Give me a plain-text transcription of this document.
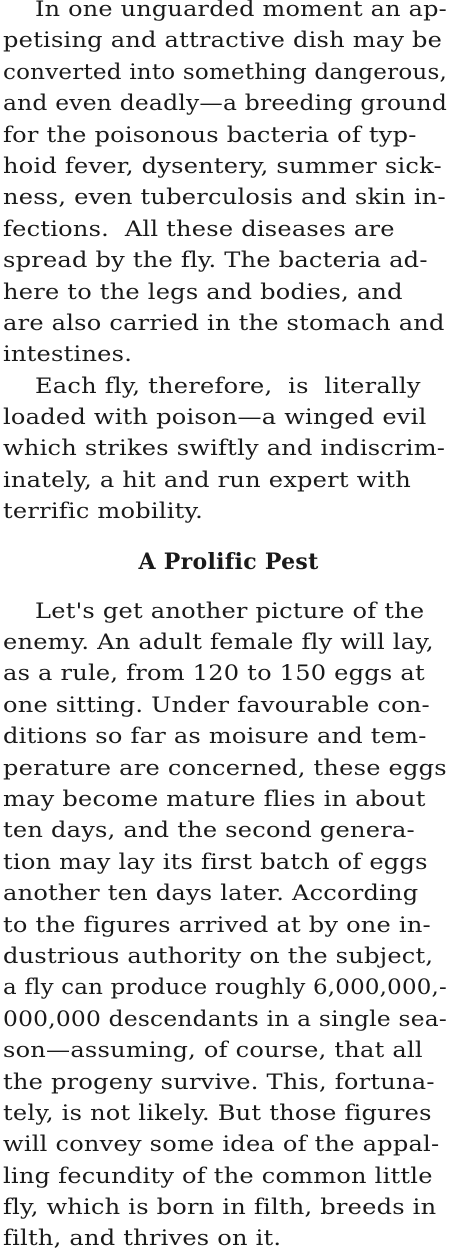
In one unguarded moment an ap-
petising and attractive dish may be
converted into something dangerous,
and even deadly—a breeding ground
for the poisonous bacteria of typ-
hoid fever, dysentery, summer sick-
ness, even tuberculosis and skin in-
fections.  All these diseases are
spread by the fly. The bacteria ad-
here to the legs and bodies, and
are also carried in the stomach and
intestines.
Each fly, therefore,  is  literally
loaded with poison—a winged evil
which strikes swiftly and indiscrim-
inately, a hit and run expert with
terrific mobility.
A Prolific Pest
Let's get another picture of the
enemy. An adult female fly will lay,
as a rule, from 120 to 150 eggs at
one sitting. Under favourable con-
ditions so far as moisure and tem-
perature are concerned, these eggs
may become mature flies in about
ten days, and the second genera-
tion may lay its first batch of eggs
another ten days later. According
to the figures arrived at by one in-
dustrious authority on the subject,
a fly can produce roughly 6,000,000,-
000,000 descendants in a single sea-
son—assuming, of course, that all
the progeny survive. This, fortuna-
tely, is not likely. But those figures
will convey some idea of the appal-
ling fecundity of the common little
fly, which is born in filth, breeds in
filth, and thrives on it.
